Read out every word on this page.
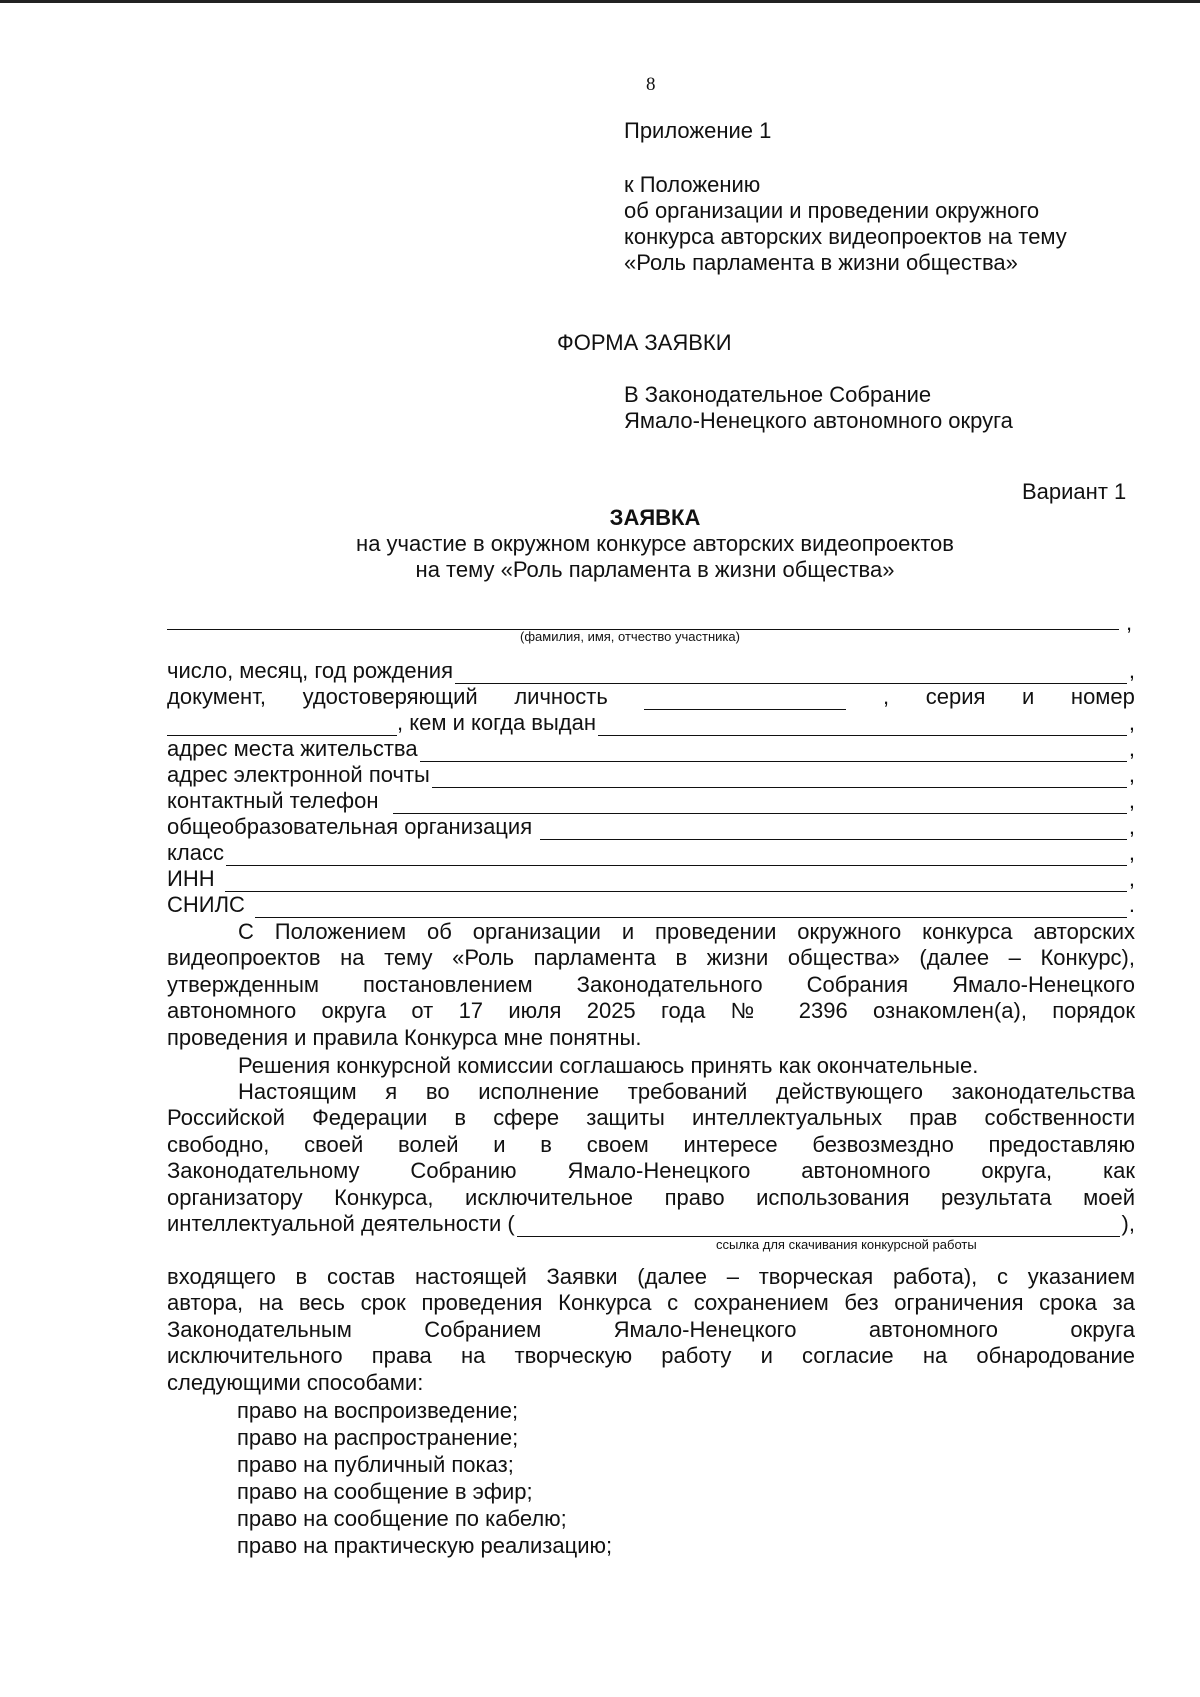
8
Приложение 1
к Положению
об организации и проведении окружного
конкурса авторских видеопроектов на тему
«Роль парламента в жизни общества»
ФОРМА ЗАЯВКИ
В Законодательное Собрание
Ямало-Ненецкого автономного округа
Вариант 1
ЗАЯВКА
на участие в окружном конкурсе авторских видеопроектов
на тему «Роль парламента в жизни общества»
,
(фамилия, имя, отчество участника)
число, месяц, год рождения	,
документ, удостоверяющий личность	, серия и номер
, кем и когда выдан	,
адрес места жительства	,
адрес электронной почты	,
контактный телефон	,
общеобразовательная организация	,
класс	,
ИНН	,
СНИЛС	.
С Положением об организации и проведении окружного конкурса авторских
видеопроектов на тему «Роль парламента в жизни общества» (далее – Конкурс),
утвержденным постановлением Законодательного Собрания Ямало-Ненецкого
автономного округа от 17 июля 2025 года № 2396 ознакомлен(а), порядок
проведения и правила Конкурса мне понятны.
Решения конкурсной комиссии соглашаюсь принять как окончательные.
Настоящим я во исполнение требований действующего законодательства
Российской Федерации в сфере защиты интеллектуальных прав собственности
свободно, своей волей и в своем интересе безвозмездно предоставляю
Законодательному Собранию Ямало-Ненецкого автономного округа, как
организатору Конкурса, исключительное право использования результата моей
интеллектуальной деятельности (	),
ссылка для скачивания конкурсной работы
входящего в состав настоящей Заявки (далее – творческая работа), с указанием
автора, на весь срок проведения Конкурса с сохранением без ограничения срока за
Законодательным Собранием Ямало-Ненецкого автономного округа
исключительного права на творческую работу и согласие на обнародование
следующими способами:
право на воспроизведение;
право на распространение;
право на публичный показ;
право на сообщение в эфир;
право на сообщение по кабелю;
право на практическую реализацию;
